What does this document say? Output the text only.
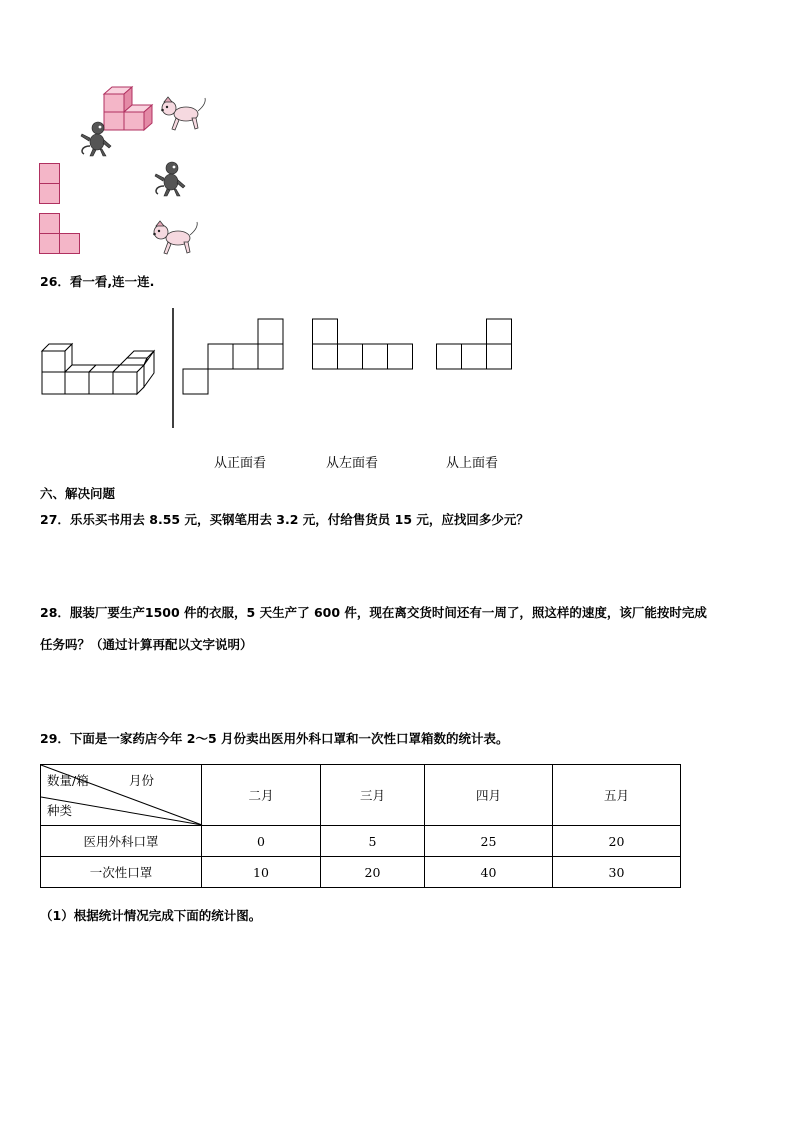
26．看一看,连一连.
从正面看	从左面看	从上面看
六、解决问题
27．乐乐买书用去 8.55 元，买钢笔用去 3.2 元，付给售货员 15 元，应找回多少元？
28．服装厂要生产1500 件的衣服，5 天生产了 600 件，现在离交货时间还有一周了，照这样的速度，该厂能按时完成
任务吗？（通过计算再配以文字说明）
29．下面是一家药店今年 2～5 月份卖出医用外科口罩和一次性口罩箱数的统计表。
数量/箱 月份
种类	二月	三月	四月	五月
医用外科口罩	0	5	25	20
一次性口罩	10	20	40	30
（1）根据统计情况完成下面的统计图。
